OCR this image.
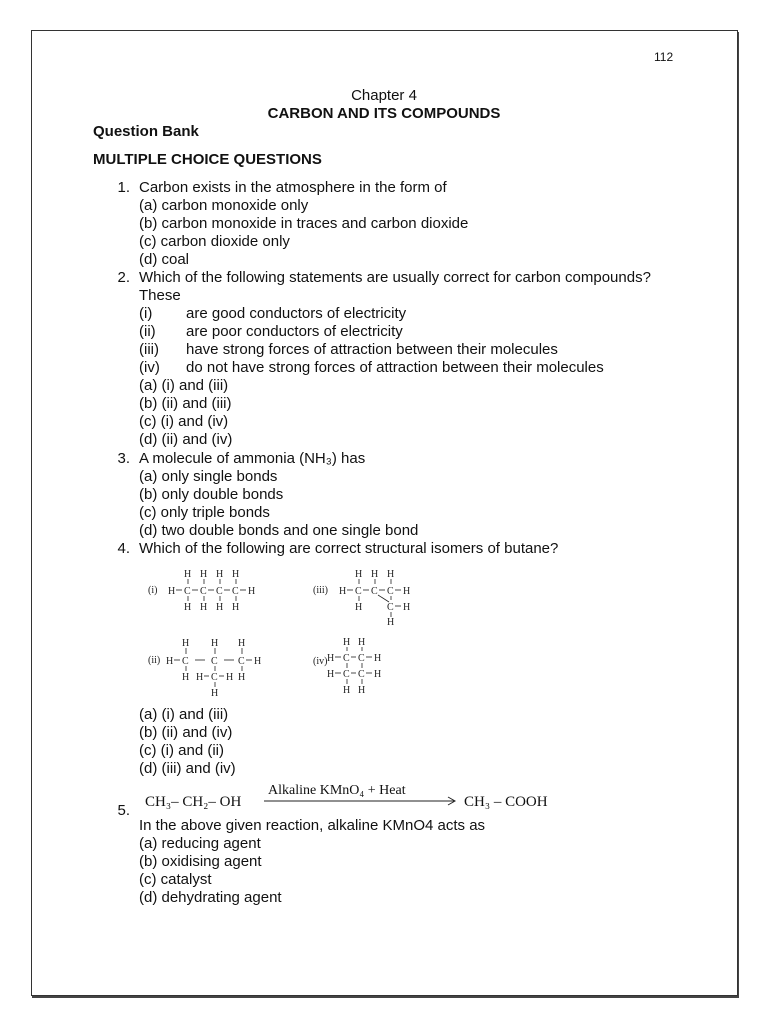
112
Chapter 4
CARBON AND ITS COMPOUNDS
Question Bank
MULTIPLE CHOICE QUESTIONS
1. Carbon exists in the atmosphere in the form of
(a) carbon monoxide only
(b) carbon monoxide in traces and carbon dioxide
(c) carbon dioxide only
(d) coal
2. Which of the following statements are usually correct for carbon compounds?
These
(i) are good conductors of electricity
(ii) are poor conductors of electricity
(iii) have strong forces of attraction between their molecules
(iv) do not have strong forces of attraction between their molecules
(a) (i) and (iii)
(b) (ii) and (iii)
(c) (i) and (iv)
(d) (ii) and (iv)
3. A molecule of ammonia (NH₃) has
(a) only single bonds
(b) only double bonds
(c) only triple bonds
(d) two double bonds and one single bond
4. Which of the following are correct structural isomers of butane?
(i) H C C C C H
H H H H
H H H H
(iii) H C C C H
H H H
H C H
H
(ii) H C C C H
H H H
H H C H H
H
(iv)
H H
H C C H
H C C H
H H
(a) (i) and (iii)
(b) (ii) and (iv)
(c) (i) and (ii)
(d) (iii) and (iv)
5. CH₃– CH₂– OH
Alkaline KMnO₄ + Heat
CH₃ – COOH
In the above given reaction, alkaline KMnO4 acts as
(a) reducing agent
(b) oxidising agent
(c) catalyst
(d) dehydrating agent
